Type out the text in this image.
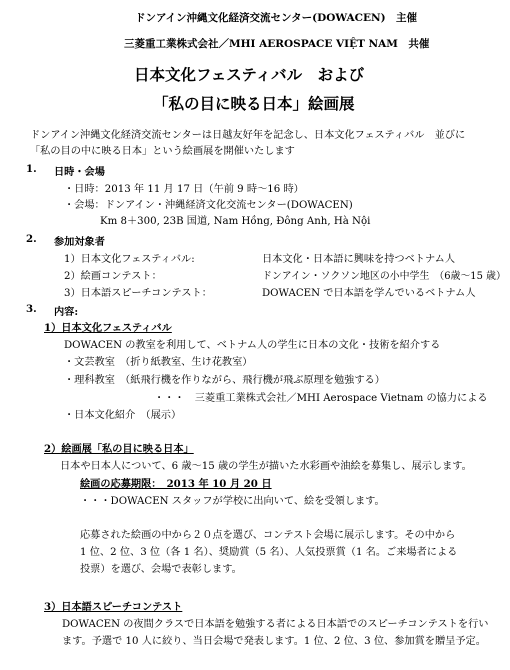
ドンアイン沖縄文化経済交流センター(DOWACEN)　主催
三菱重工業株式会社／MHI AEROSPACE VIỆT NAM　共催
日本文化フェスティバル　および
「私の目に映る日本」絵画展
ドンアイン沖縄文化経済交流センターは日越友好年を記念し、日本文化フェスティバル　並びに
「私の目の中に映る日本」という絵画展を開催いたします
1. 日時・会場
・日時：2013 年 11 月 17 日（午前 9 時〜16 時）
・会場：ドンアイン・沖縄経済文化交流センター(DOWACEN)
Km 8＋300, 23B 国道, Nam Hồng, Đông Anh, Hà Nội
2. 参加対象者
1）日本文化フェスティバル:	日本文化・日本語に興味を持つベトナム人
2）絵画コンテスト：	ドンアイン・ソクソン地区の小中学生　（6歳〜15 歳）
3）日本語スピーチコンテスト：	DOWACEN で日本語を学んでいるベトナム人
3. 内容:
1）日本文化フェスティバル
DOWACEN の教室を利用して、ベトナム人の学生に日本の文化・技術を紹介する
・文芸教室　（折り紙教室、生け花教室）
・理科教室　（紙飛行機を作りながら、飛行機が飛ぶ原理を勉強する）
・・・　三菱重工業株式会社／MHI Aerospace Vietnam の協力による
・日本文化紹介　（展示）
2）絵画展「私の目に映る日本」
日本や日本人について、6 歳〜15 歳の学生が描いた水彩画や油絵を募集し、展示します。
絵画の応募期限：　2013 年 10 月 20 日
・・・DOWACEN スタッフが学校に出向いて、絵を受領します。
応募された絵画の中から２０点を選び、コンテスト会場に展示します。その中から
1 位、2 位、3 位（各 1 名）、奨励賞（5 名）、人気投票賞（1 名。ご来場者による
投票）を選び、会場で表彰します。
3）日本語スピーチコンテスト
DOWACEN の夜間クラスで日本語を勉強する者による日本語でのスピーチコンテストを行い
ます。予選で 10 人に絞り、当日会場で発表します。1 位、2 位、3 位、参加賞を贈呈予定。
